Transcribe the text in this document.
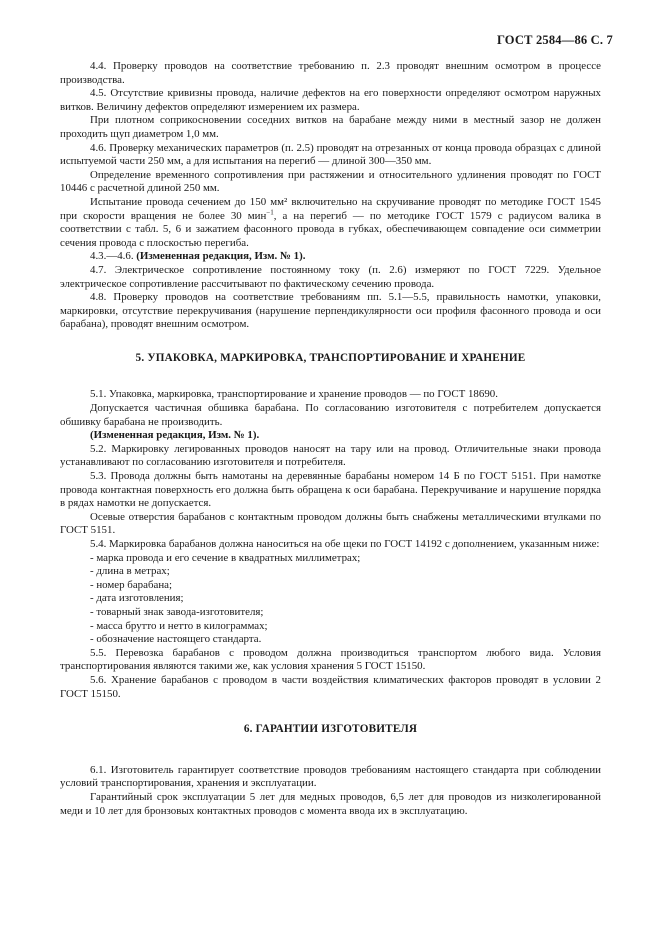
ГОСТ 2584—86 С. 7

4.4. Проверку проводов на соответствие требованию п. 2.3 проводят внешним осмотром в процессе производства.

4.5. Отсутствие кривизны провода, наличие дефектов на его поверхности определяют осмотром наружных витков. Величину дефектов определяют измерением их размера.

При плотном соприкосновении соседних витков на барабане между ними в местный зазор не должен проходить щуп диаметром 1,0 мм.

4.6. Проверку механических параметров (п. 2.5) проводят на отрезанных от конца провода образцах с длиной испытуемой части 250 мм, а для испытания на перегиб — длиной 300—350 мм.

Определение временного сопротивления при растяжении и относительного удлинения проводят по ГОСТ 10446 с расчетной длиной 250 мм.

Испытание провода сечением до 150 мм² включительно на скручивание проводят по методике ГОСТ 1545 при скорости вращения не более 30 мин$^{-1}$, а на перегиб — по методике ГОСТ 1579 с радиусом валика в соответствии с табл. 5, 6 и зажатием фасонного провода в губках, обеспечивающем совпадение оси симметрии сечения провода с плоскостью перегиба.

4.3.—4.6. (Измененная редакция, Изм. № 1).

4.7. Электрическое сопротивление постоянному току (п. 2.6) измеряют по ГОСТ 7229. Удельное электрическое сопротивление рассчитывают по фактическому сечению провода.

4.8. Проверку проводов на соответствие требованиям пп. 5.1—5.5, правильность намотки, упаковки, маркировки, отсутствие перекручивания (нарушение перпендикулярности оси профиля фасонного провода и оси барабана), проводят внешним осмотром.

5. УПАКОВКА, МАРКИРОВКА, ТРАНСПОРТИРОВАНИЕ И ХРАНЕНИЕ

5.1. Упаковка, маркировка, транспортирование и хранение проводов — по ГОСТ 18690.

Допускается частичная обшивка барабана. По согласованию изготовителя с потребителем допускается обшивку барабана не производить.

(Измененная редакция, Изм. № 1).

5.2. Маркировку легированных проводов наносят на тару или на провод. Отличительные знаки провода устанавливают по согласованию изготовителя и потребителя.

5.3. Провода должны быть намотаны на деревянные барабаны номером 14 Б по ГОСТ 5151. При намотке провода контактная поверхность его должна быть обращена к оси барабана. Перекручивание и нарушение порядка в рядах намотки не допускается.

Осевые отверстия барабанов с контактным проводом должны быть снабжены металлическими втулками по ГОСТ 5151.

5.4. Маркировка барабанов должна наноситься на обе щеки по ГОСТ 14192 с дополнением, указанным ниже:

- марка провода и его сечение в квадратных миллиметрах;
- длина в метрах;
- номер барабана;
- дата изготовления;
- товарный знак завода-изготовителя;
- масса брутто и нетто в килограммах;
- обозначение настоящего стандарта.

5.5. Перевозка барабанов с проводом должна производиться транспортом любого вида. Условия транспортирования являются такими же, как условия хранения 5 ГОСТ 15150.

5.6. Хранение барабанов с проводом в части воздействия климатических факторов проводят в условии 2 ГОСТ 15150.

6. ГАРАНТИИ ИЗГОТОВИТЕЛЯ

6.1. Изготовитель гарантирует соответствие проводов требованиям настоящего стандарта при соблюдении условий транспортирования, хранения и эксплуатации.

Гарантийный срок эксплуатации 5 лет для медных проводов, 6,5 лет для проводов из низколегированной меди и 10 лет для бронзовых контактных проводов с момента ввода их в эксплуатацию.
